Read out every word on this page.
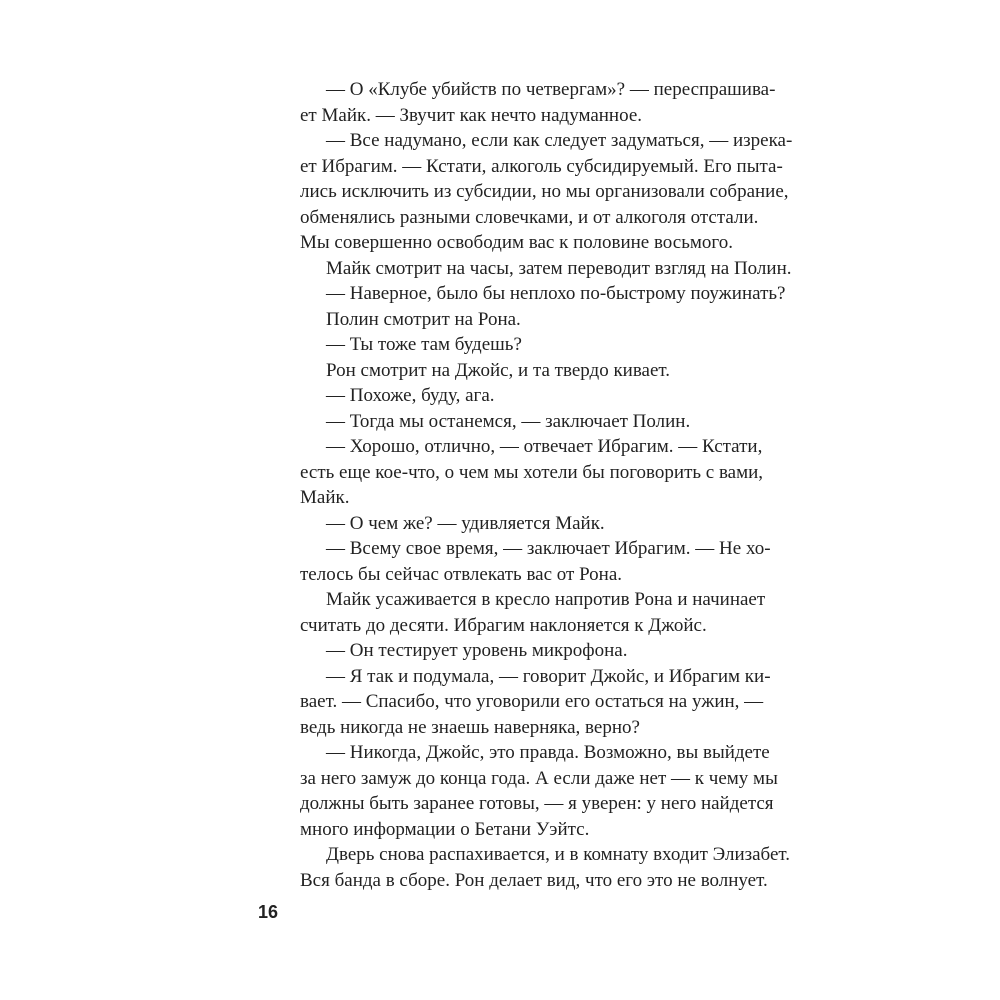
— О «Клубе убийств по четвергам»? — переспрашива-
ет Майк. — Звучит как нечто надуманное.
— Все надумано, если как следует задуматься, — изрека-
ет Ибрагим. — Кстати, алкоголь субсидируемый. Его пыта-
лись исключить из субсидии, но мы организовали собрание,
обменялись разными словечками, и от алкоголя отстали.
Мы совершенно освободим вас к половине восьмого.
Майк смотрит на часы, затем переводит взгляд на Полин.
— Наверное, было бы неплохо по-быстрому поужинать?
Полин смотрит на Рона.
— Ты тоже там будешь?
Рон смотрит на Джойс, и та твердо кивает.
— Похоже, буду, ага.
— Тогда мы останемся, — заключает Полин.
— Хорошо, отлично, — отвечает Ибрагим. — Кстати,
есть еще кое-что, о чем мы хотели бы поговорить с вами,
Майк.
— О чем же? — удивляется Майк.
— Всему свое время, — заключает Ибрагим. — Не хо-
телось бы сейчас отвлекать вас от Рона.
Майк усаживается в кресло напротив Рона и начинает
считать до десяти. Ибрагим наклоняется к Джойс.
— Он тестирует уровень микрофона.
— Я так и подумала, — говорит Джойс, и Ибрагим ки-
вает. — Спасибо, что уговорили его остаться на ужин, —
ведь никогда не знаешь наверняка, верно?
— Никогда, Джойс, это правда. Возможно, вы выйдете
за него замуж до конца года. А если даже нет — к чему мы
должны быть заранее готовы, — я уверен: у него найдется
много информации о Бетани Уэйтс.
Дверь снова распахивается, и в комнату входит Элизабет.
Вся банда в сборе. Рон делает вид, что его это не волнует.
16
